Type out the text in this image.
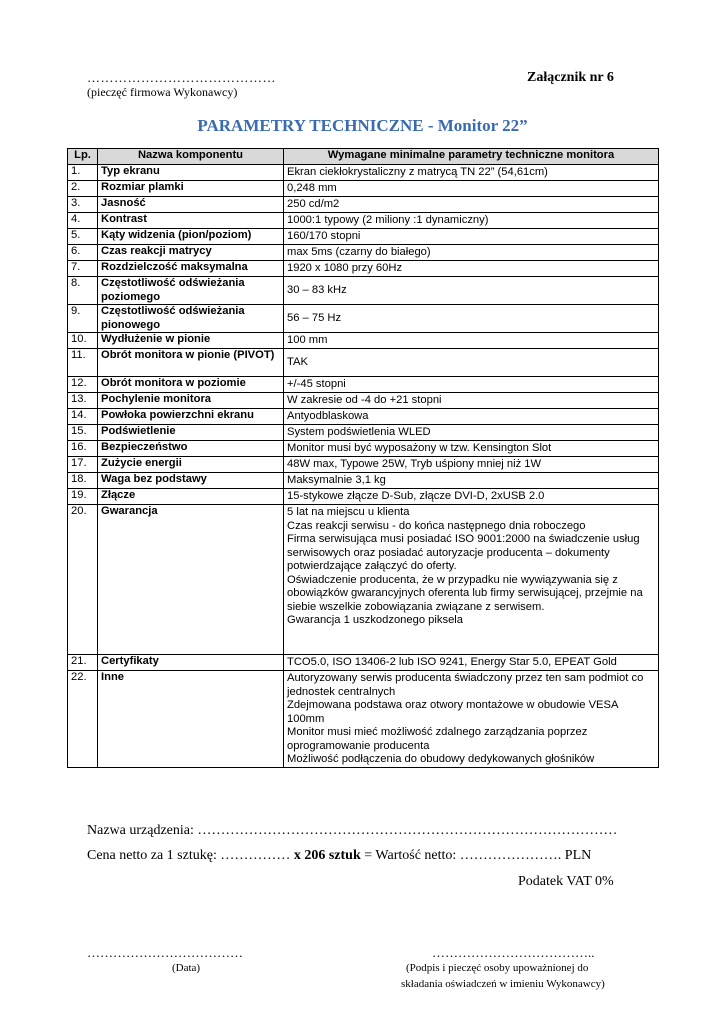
……………………………………
(pieczęć firmowa Wykonawcy)
Załącznik nr 6
PARAMETRY TECHNICZNE - Monitor 22”
Lp.	Nazwa komponentu	Wymagane minimalne parametry techniczne monitora
1.	Typ ekranu	Ekran ciekłokrystaliczny z matrycą TN 22” (54,61cm)
2.	Rozmiar plamki	0,248 mm
3.	Jasność	250 cd/m2
4.	Kontrast	1000:1 typowy (2 miliony :1 dynamiczny)
5.	Kąty widzenia (pion/poziom)	160/170 stopni
6.	Czas reakcji matrycy	max 5ms (czarny do białego)
7.	Rozdzielczość maksymalna	1920 x 1080 przy 60Hz
8.	Częstotliwość odświeżania poziomego	30 – 83 kHz
9.	Częstotliwość odświeżania pionowego	56 – 75 Hz
10.	Wydłużenie w pionie	100 mm
11.	Obrót monitora w pionie (PIVOT)	TAK
12.	Obrót monitora w poziomie	+/-45 stopni
13.	Pochylenie monitora	W zakresie od -4 do +21 stopni
14.	Powłoka powierzchni ekranu	Antyodblaskowa
15.	Podświetlenie	System podświetlenia WLED
16.	Bezpieczeństwo	Monitor musi być wyposażony w tzw. Kensington Slot
17.	Zużycie energii	48W max, Typowe 25W, Tryb uśpiony mniej niż 1W
18.	Waga bez podstawy	Maksymalnie 3,1 kg
19.	Złącze	15-stykowe złącze D-Sub, złącze DVI-D, 2xUSB 2.0
20.	Gwarancja	5 lat na miejscu u klienta
Czas reakcji serwisu - do końca następnego dnia roboczego
Firma serwisująca musi posiadać ISO 9001:2000 na świadczenie usług serwisowych oraz posiadać autoryzacje producenta – dokumenty potwierdzające załączyć do oferty.
Oświadczenie producenta, że w przypadku nie wywiązywania się z obowiązków gwarancyjnych oferenta lub firmy serwisującej, przejmie na siebie wszelkie zobowiązania związane z serwisem.
Gwarancja 1 uszkodzonego piksela
21.	Certyfikaty	TCO5.0, ISO 13406-2 lub ISO 9241, Energy Star 5.0, EPEAT Gold
22.	Inne	Autoryzowany serwis producenta świadczony przez ten sam podmiot co jednostek centralnych
Zdejmowana podstawa oraz otwory montażowe w obudowie VESA 100mm
Monitor musi mieć możliwość zdalnego zarządzania poprzez oprogramowanie producenta
Możliwość podłączenia do obudowy dedykowanych głośników
Nazwa urządzenia: ………………………………………………………………………………
Cena netto za 1 sztukę: …………… x 206 sztuk = Wartość netto: …………………. PLN
Podatek VAT 0%
………………………………	………………………………..
(Data)	(Podpis i pieczęć osoby upoważnionej do
składania oświadczeń w imieniu Wykonawcy)
